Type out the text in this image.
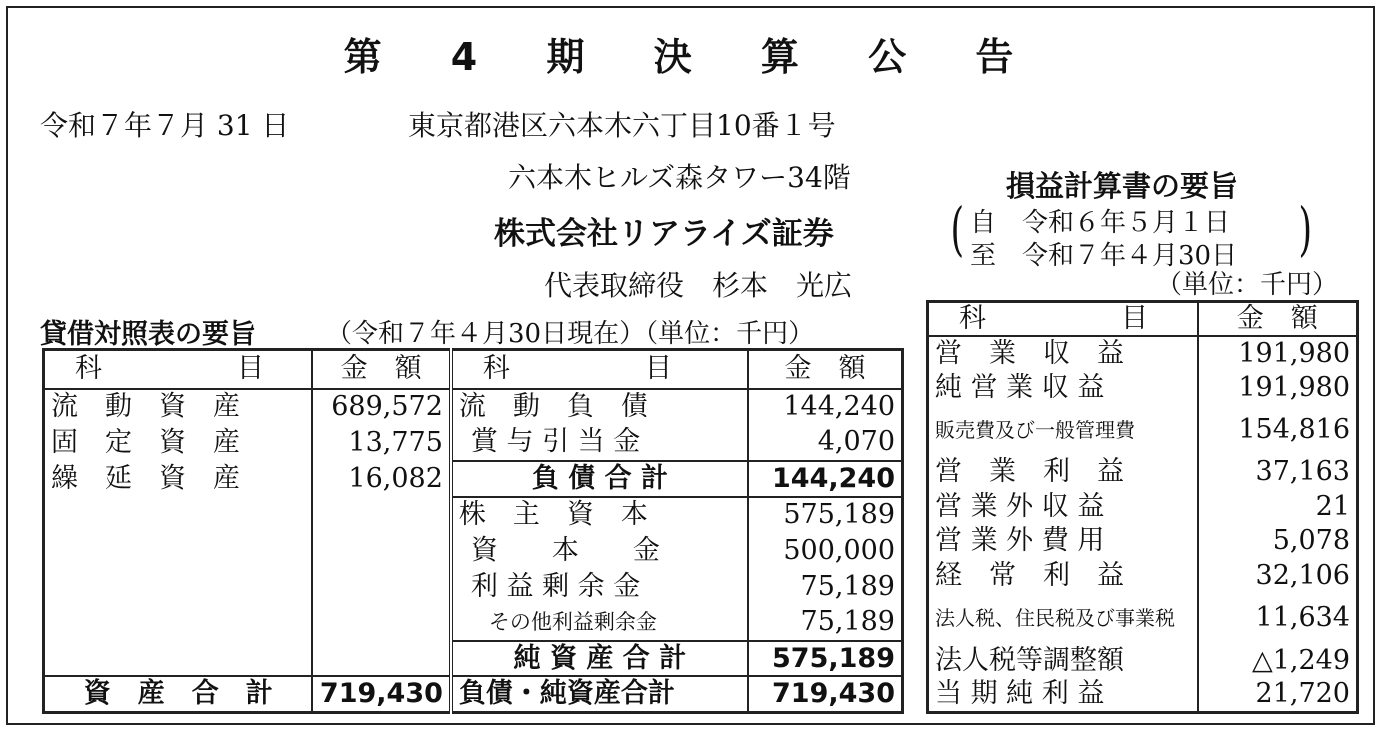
第 4 期 決 算 公 告
令和７年７月 31 日	東京都港区六本木六丁目10番１号
六本木ヒルズ森タワー34階
株式会社リアライズ証券
代表取締役　杉本　光広
貸借対照表の要旨	（令和７年４月30日現在）（単位：千円）
損益計算書の要旨
( 自　令和６年５月１日
至　令和７年４月30日 )
（単位：千円）
科　　　　　目	金　額	科　　　　　目	金　額
流　動　資　産	689,572	流　動　負　債	144,240
固　定　資　産	13,775	賞 与 引 当 金	4,070
繰　延　資　産	16,082	負 債 合 計	144,240
		株　主　資　本	575,189
		資　　本　　金	500,000
		利 益 剰 余 金	75,189
		その他利益剰余金	75,189
		純 資 産 合 計	575,189
資　産　合　計	719,430	負債・純資産合計	719,430
科　　　　　目	金　額
営　業　収　益	191,980
純 営 業 収 益	191,980
販売費及び一般管理費	154,816
営　業　利　益	37,163
営 業 外 収 益	21
営 業 外 費 用	5,078
経　常　利　益	32,106
法人税、住民税及び事業税	11,634
法人税等調整額	△1,249
当 期 純 利 益	21,720
